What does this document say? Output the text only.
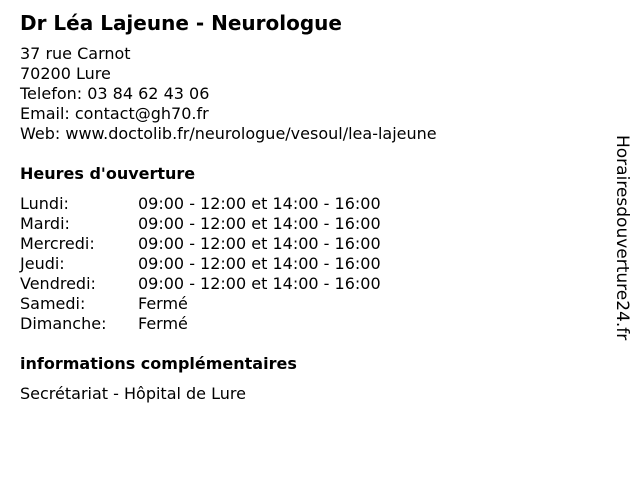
Dr Léa Lajeune - Neurologue
37 rue Carnot
70200 Lure
Telefon: 03 84 62 43 06
Email: contact@gh70.fr
Web: www.doctolib.fr/neurologue/vesoul/lea-lajeune
Heures d'ouverture
Lundi:	09:00 - 12:00 et 14:00 - 16:00
Mardi:	09:00 - 12:00 et 14:00 - 16:00
Mercredi:	09:00 - 12:00 et 14:00 - 16:00
Jeudi:	09:00 - 12:00 et 14:00 - 16:00
Vendredi:	09:00 - 12:00 et 14:00 - 16:00
Samedi:	Fermé
Dimanche:	Fermé
informations complémentaires
Secrétariat - Hôpital de Lure
Horairesdouverture24.fr
